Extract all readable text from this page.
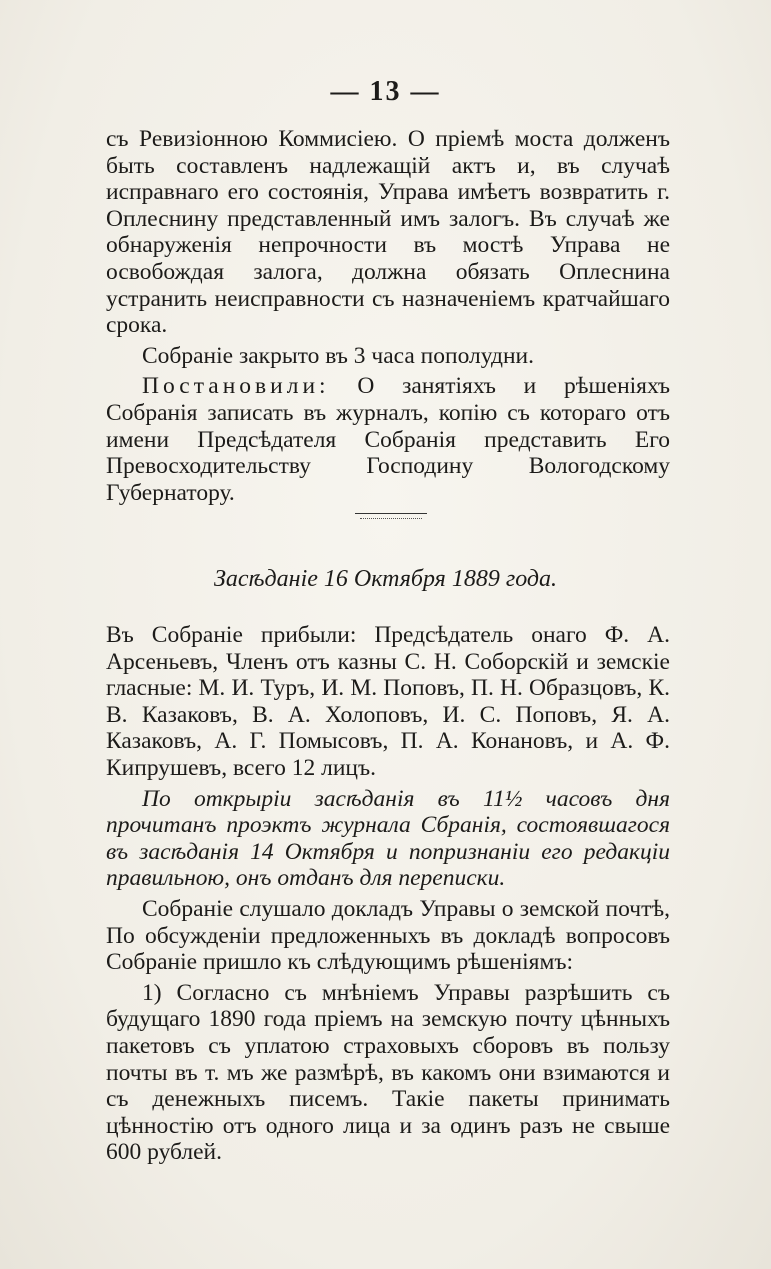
— 13 —

съ Ревизіонною Коммисіею. О пріемѣ моста долженъ быть составленъ надлежащій актъ и, въ случаѣ исправнаго его состоянія, Управа имѣетъ возвратить г. Оплеснину представленный имъ залогъ. Въ случаѣ же обнаруженія непрочности въ мостѣ Управа не освобождая залога, должна обязать Оплеснина устранить неисправности съ назначеніемъ кратчайшаго срока.

Собраніе закрыто въ 3 часа пополудни.

Постановили: О занятіяхъ и рѣшеніяхъ Собранія записать въ журналъ, копію съ котораго отъ имени Предсѣдателя Собранія представить Его Превосходительству Господину Вологодскому Губернатору.

Засѣданіе 16 Октября 1889 года.

Въ Собраніе прибыли: Предсѣдатель онаго Ф. А. Арсеньевъ, Членъ отъ казны С. Н. Соборскій и земскіе гласные: М. И. Туръ, И. М. Поповъ, П. Н. Образцовъ, К. В. Казаковъ, В. А. Холоповъ, И. С. Поповъ, Я. А. Казаковъ, А. Г. Помысовъ, П. А. Конановъ, и А. Ф. Кипрушевъ, всего 12 лицъ.

По открыріи засѣданія въ 11½ часовъ дня прочитанъ проэктъ журнала Сбранія, состоявшагося въ засѣданія 14 Октября и попризнаніи его редакціи правильною, онъ отданъ для переписки.

Собраніе слушало докладъ Управы о земской почтѣ, По обсужденіи предложенныхъ въ докладѣ вопросовъ Собраніе пришло къ слѣдующимъ рѣшеніямъ:

1) Согласно съ мнѣніемъ Управы разрѣшить съ будущаго 1890 года пріемъ на земскую почту цѣнныхъ пакетовъ съ уплатою страховыхъ сборовъ въ пользу почты въ т. мъ же размѣрѣ, въ какомъ они взимаются и съ денежныхъ писемъ. Такіе пакеты принимать цѣнностію отъ одного лица и за одинъ разъ не свыше 600 рублей.
